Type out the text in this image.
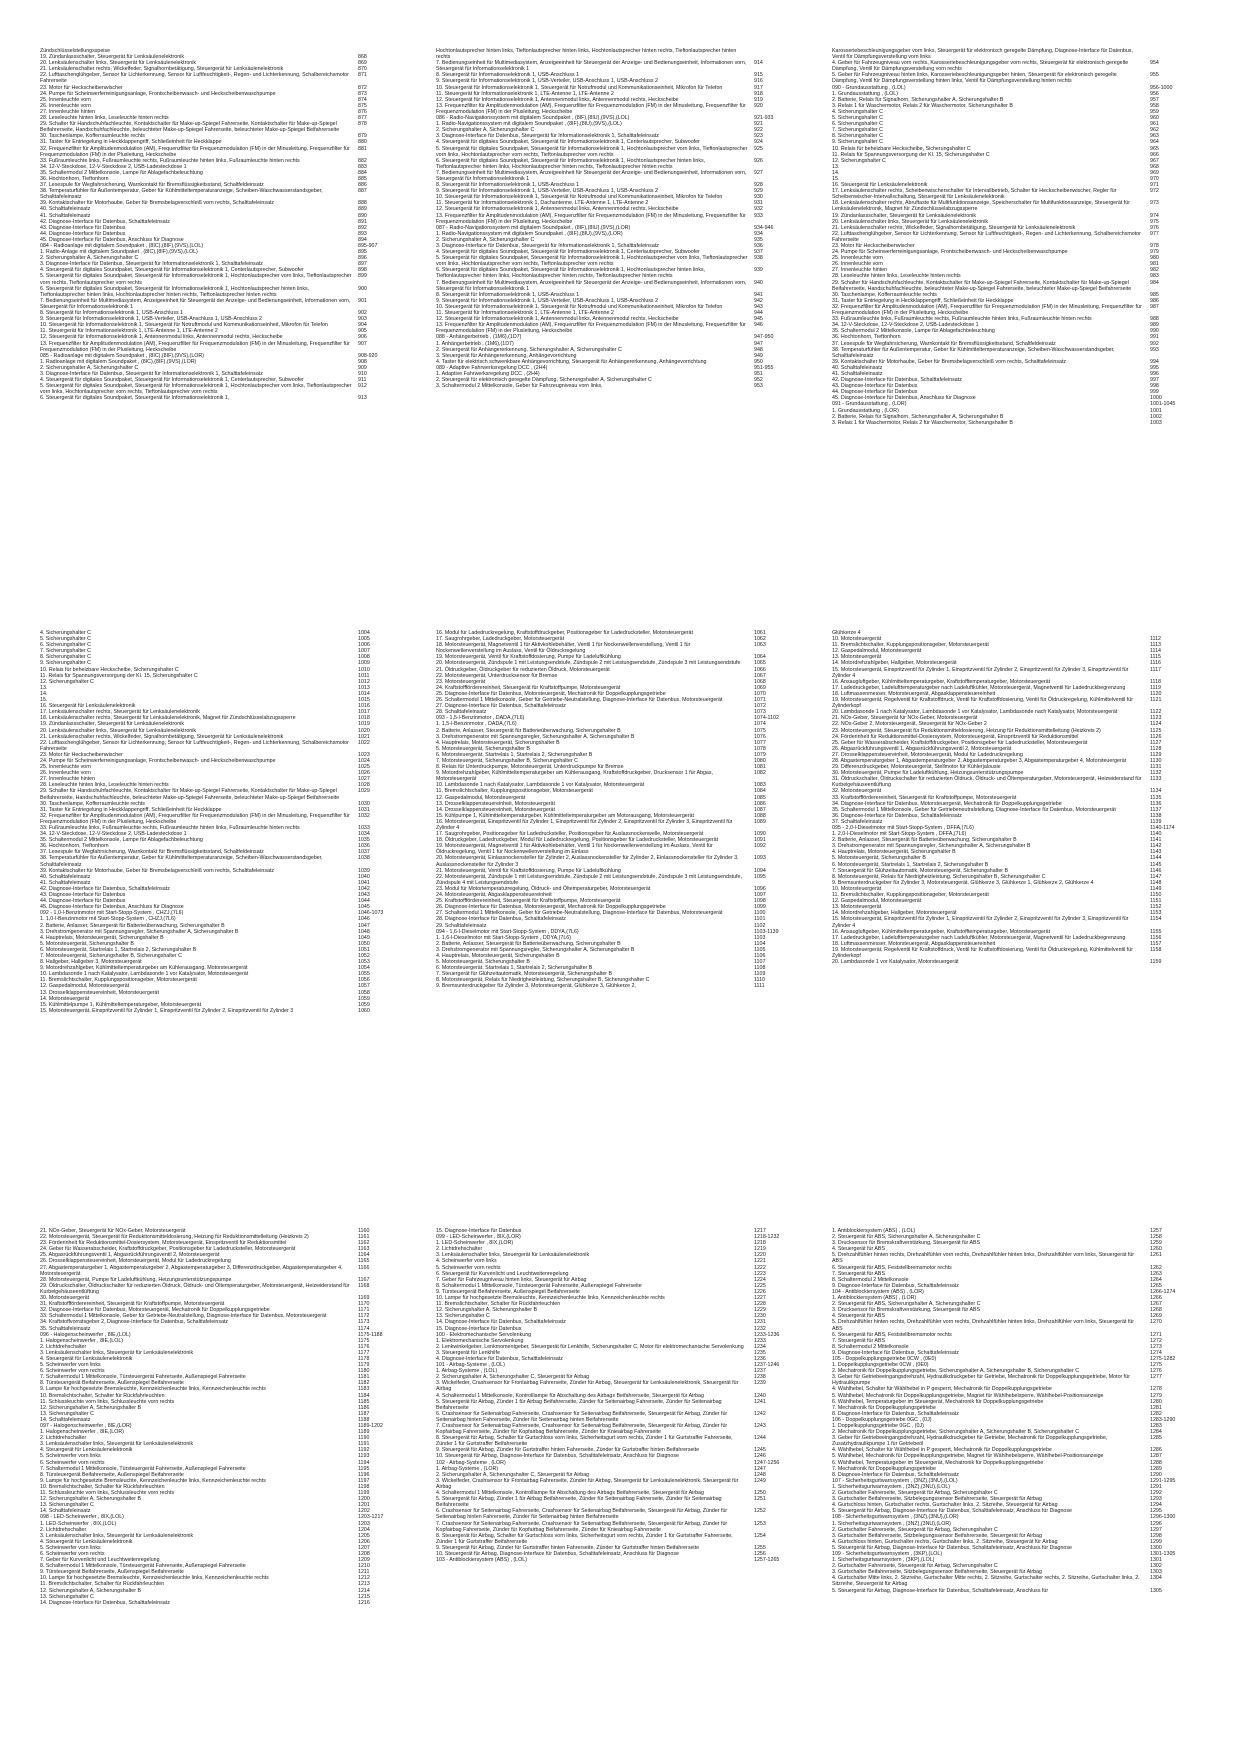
Zündschlüsselstellungsspeise
19. Zündanlassschalter, Steuergerät für Lenksäulenelektronik	868
20. Lenksäulenschalter links, Steuergerät für Lenksäulenelektronik	869
21. Lenksäulenschalter rechts, Wickelfeder, Signalhornbetätigung, Steuergerät für Lenksäulenelektronik	870
22. Lufttaschenglühgeber, Sensor für Lichterkennung, Sensor für Luftfeuchtigkeit-, Regen- und Lichterkennung, Schalbereichsmotor Fahrerseite
871
23. Motor für Heckscheibenwischer	872
24. Pumpe für Scheinwerferreinigungsanlage, Frontscheibenwasch- und Heckscheibenwaschpumpe	873
25. Innenleuchte vorn	874
26. Innenleuchte vorn	875
27. Innenleuchte hinten	876
28. Leseleuchte hinten links, Leseleuchte hinten rechts	877
29. Schalter für Handschuhfachleuchte, Kontaktschalter für Make-up-Spiegel Fahrerseite, Kontaktschalter für Make-up-Spiegel Beifahrerseite, Handschuhfachleuchte, beleuchteter Make-up-Spiegel Fahrerseite, beleuchteter Make-up-Spiegel Beifahrerseite
878
30. Taschenlampe, Kofferraumleuchte rechts	879
31. Taster für Entriegelung in Heckklappengriff, Schließeinheit für Heckklappe	880
32. Frequenzfilter für Amplitudenmodulation (AM), Frequenzfilter für Frequenzmodulation (FM) in der Minusleitung, Frequenzfilter für Frequenzmodulation (FM) in der Plusleitung, Heckscheibe
881
33. Fußraumleuchte links, Fußraumleuchte rechts, Fußraumleuchte hinten links, Fußraumleuchte hinten rechts	882
34. 12-V-Steckdose, 12-V-Steckdose 2, USB-Ladesteckdose 1	883
35. Schaltermodul 2 Mittelkonsole, Lampe für Ablagefachbeleuchtung	884
36. Hochtonhorn, Tieftonhorn	885
37. Lesespule für Wegfahrsicherung, Warnkontakt für Bremsflüssigkeitsstand, Schaltfeldeinsatz	886
38. Temperaturfühler für Außentemperatur, Geber für Kühlmitteltemperaturanzeige, Scheiben-Waschwasserstandsgeber, Schalttafeleinsatz
887
39. Kontaktschalter für Motorhaube, Geber für Bremsbelagverschleiß vorn rechts, Schalttafeleinsatz	888
40. Schalttafeleinsatz	889
41. Schalttafeleinsatz	890
42. Diagnose-Interface für Datenbus, Schalttafeleinsatz	891
43. Diagnose-Interface für Datenbus	892
44. Diagnose-Interface für Datenbus	893
45. Diagnose-Interface für Datenbus, Anschluss für Diagnose	894
084 - Radioanlage mit digitalem Soundpaket , (8IC),(8IF),(9VS),(LOL)	895-907
1. Radio-Anlage mit digitalem Soundpaket , (8IC),(8IF),(9VS),(LOL)	895
2. Sicherungshalter A, Sicherungshalter C	896
3. Diagnose-Interface für Datenbus, Steuergerät für Informationselektronik 1, Schalttafeleinsatz	897
4. Steuergerät für digitales Soundpaket, Steuergerät für Informationselektronik 1, Centerlautsprecher, Subwoofer	898
5. Steuergerät für digitales Soundpaket, Steuergerät für Informationselektronik 1, Hochtonlautsprecher vorn links, Tieftonlautsprecher vorn rechts, Tieftonlautsprecher vorn rechts
899
6. Steuergerät für digitales Soundpaket, Steuergerät für Informationselektronik 1, Hochtonlautsprecher hinten links, Tieftonlautsprecher hinten links, Hochtonlautsprecher hinten rechts, Tieftonlautsprecher hinten rechts
900
7. Bedienungseinheit für Multimediasystem, Anzeigeeinheit für Steuergerät der Anzeige- und Bedienungseinheit, Informationen vorn, Steuergerät für Informationselektronik 1
901
8. Steuergerät für Informationselektronik 1, USB-Anschluss 1	902
9. Steuergerät für Informationselektronik 1, USB-Verteiler, USB-Anschluss 1, USB-Anschluss 2	903
10. Steuergerät für Informationselektronik 1, Steuergerät für Notruftmodul und Kommunikationseinheit, Mikrofon für Telefon	904
11. Steuergerät für Informationselektronik 1, LTE-Antenne 1, LTE-Antenne 2	905
12. Steuergerät für Informationselektronik 1, Antennenmodul links, Antennenmodul rechts, Heckscheibe	906
13. Frequenzfilter für Amplitudenmodulation (AM), Frequenzfilter für Frequenzmodulation (FM) in der Minusleitung, Frequenzfilter für Frequenzmodulation (FM) in der Plusleitung, Heckscheibe
907
085 - Radioanlage mit digitalem Soundpaket , (8IC),(8IF),(9VS),(LOR)	908-920
1. Radioanlage mit digitalem Soundpaket , (8IC),(8IF),(9VS),(LOR)	908
2. Sicherungshalter A, Sicherungshalter C	909
3. Diagnose-Interface für Datenbus, Steuergerät für Informationselektronik 1, Schalttafeleinsatz	910
4. Steuergerät für digitales Soundpaket, Steuergerät für Informationselektronik 1, Centerlautsprecher, Subwoofer	911
5. Steuergerät für digitales Soundpaket, Steuergerät für Informationselektronik 1, Hochtonlautsprecher vorn links, Tieftonlautsprecher vorn links, Hochtonlautsprecher vorn rechts, Tieftonlautsprecher vorn rechts
912
6. Steuergerät für digitales Soundpaket, Steuergerät für Informationselektronik 1,	913
Hochtonlautsprecher hinten links, Tieftonlautsprecher hinten links, Hochtonlautsprecher hinten rechts, Tieftonlautsprecher hinten rechts
7. Bedienungseinheit für Multimediasystem, Anzeigeeinheit für Steuergerät der Anzeige- und Bedienungseinheit, Informationen vorn, Steuergerät für Informationselektronik 1
914
8. Steuergerät für Informationselektronik 1, USB-Anschluss 1	915
9. Steuergerät für Informationselektronik 1, USB-Verteiler, USB-Anschluss 1, USB-Anschluss 2	916
10. Steuergerät für Informationselektronik 1, Steuergerät für Notrufmodul und Kommunikationseinheit, Mikrofon für Telefon	917
11. Steuergerät für Informationselektronik 1, LTE-Antenne 1, LTE-Antenne 2	918
12. Steuergerät für Informationselektronik 1, Antennenmodul links, Antennenmodul rechts, Heckscheibe	919
13. Frequenzfilter für Amplitudenmodulation (AM), Frequenzfilter für Frequenzmodulation (FM) in der Minusleitung, Frequenzfilter für Frequenzmodulation (FM) in der Plusleitung, Heckscheibe
920
086 - Radio-Navigationssystem mit digitalem Soundpaket , (8IF),(8IU),(9VS),(LOL)	921-933
1. Radio-Navigationssystem mit digitalem Soundpaket , (8IF),(8IU),(9VS),(LOL)	921
2. Sicherungshalter A, Sicherungshalter C	922
3. Diagnose-Interface für Datenbus, Steuergerät für Informationselektronik 1, Schalttafeleinsatz	923
4. Steuergerät für digitales Soundpaket, Steuergerät für Informationselektronik 1, Centerlautsprecher, Subwoofer	924
5. Steuergerät für digitales Soundpaket, Steuergerät für Informationselektronik 1, Hochtonlautsprecher vorn links, Tieftonlautsprecher vorn links, Hochtonlautsprecher vorn rechts, Tieftonlautsprecher vorn rechts
925
6. Steuergerät für digitales Soundpaket, Steuergerät für Informationselektronik 1, Hochtonlautsprecher hinten links, Tieftonlautsprecher hinten links, Hochtonlautsprecher hinten rechts, Tieftonlautsprecher hinten rechts
926
7. Bedienungseinheit für Multimediasystem, Anzeigeeinheit für Steuergerät der Anzeige- und Bedienungseinheit, Informationen vorn, Steuergerät für Informationselektronik 1
927
8. Steuergerät für Informationselektronik 1, USB-Anschluss 1	928
9. Steuergerät für Informationselektronik 1, USB-Verteiler, USB-Anschluss 1, USB-Anschluss 2	929
10. Steuergerät für Informationselektronik 1, Steuergerät für Notrufmodul und Kommunikationseinheit, Mikrofon für Telefon	930
11. Steuergerät für Informationselektronik 1, Dachantenne, LTE-Antenne 1, LTE-Antenne 2	931
12. Steuergerät für Informationselektronik 1, Antennenmodul links, Antennenmodul rechts, Heckscheibe	932
13. Frequenzfilter für Amplitudenmodulation (AM), Frequenzfilter für Frequenzmodulation (FM) in der Minusleitung, Frequenzfilter für Frequenzmodulation (FM) in der Plusleitung, Heckscheibe
933
087 - Radio-Navigationssystem mit digitalem Soundpaket , (8IF),(8IU),(9VS),(LOR)	934-946
1. Radio-Navigationssystem mit digitalem Soundpaket , (8IF),(8IU),(9VS),(LOR)	934
2. Sicherungshalter A, Sicherungshalter C	935
3. Diagnose-Interface für Datenbus, Steuergerät für Informationselektronik 1, Schalttafeleinsatz	936
4. Steuergerät für digitales Soundpaket, Steuergerät für Informationselektronik 1, Centerlautsprecher, Subwoofer	937
5. Steuergerät für digitales Soundpaket, Steuergerät für Informationselektronik 1, Hochtonlautsprecher vorn links, Tieftonlautsprecher vorn links, Hochtonlautsprecher vorn rechts, Tieftonlautsprecher vorn rechts
938
6. Steuergerät für digitales Soundpaket, Steuergerät für Informationselektronik 1, Hochtonlautsprecher hinten links, Tieftonlautsprecher hinten links, Hochtonlautsprecher hinten rechts, Tieftonlautsprecher hinten rechts
939
7. Bedienungseinheit für Multimediasystem, Anzeigeeinheit für Steuergerät der Anzeige- und Bedienungseinheit, Informationen vorn, Steuergerät für Informationselektronik 1
940
8. Steuergerät für Informationselektronik 1, USB-Anschluss 1	941
9. Steuergerät für Informationselektronik 1, USB-Verteiler, USB-Anschluss 1, USB-Anschluss 2	942
10. Steuergerät für Informationselektronik 1, Steuergerät für Notrufmodul und Kommunikationseinheit, Mikrofon für Telefon	943
11. Steuergerät für Informationselektronik 1, LTE-Antenne 1, LTE-Antenne 2	944
12. Steuergerät für Informationselektronik 1, Antennenmodul links, Antennenmodul rechts, Heckscheibe	945
13. Frequenzfilter für Amplitudenmodulation (AM), Frequenzfilter für Frequenzmodulation (FM) in der Minusleitung, Frequenzfilter für Frequenzmodulation (FM) in der Plusleitung, Heckscheibe
946
088 - Anhängerbetrieb , (1M6),(1D7)	947-950
1. Anhängerbetrieb , (1M6),(1D7)	947
2. Steuergerät für Anhängererkennung, Sicherungshalter A, Sicherungshalter C	948
3. Steuergerät für Anhängererkennung, Anhängevorrichtung	949
4. Taster für elektrisch schwenkbare Anhängevorrichtung, Steuergerät für Anhängererkennung, Anhängevorrichtung	950
089 - Adaptive Fahrwerksregelung DCC , (2H4)	951-955
1. Adaptive Fahrwerksregelung DCC , (2H4)	951
2. Steuergerät für elektronisch geregelte Dämpfung, Sicherungshalter A, Sicherungshalter C	952
3. Schaltermodul 2 Mittelkonsole, Geber für Fahrzeugniveau vorn links,	953
Karosseriebeschleunigungsgeber vorn links, Steuergerät für elektronisch geregelte Dämpfung, Diagnose-Interface für Datenbus, Ventil für Dämpfungsverstellung vorn links
4. Geber für Fahrzeugniveau vorn rechts, Karosseriebeschleunigungsgeber vorn rechts, Steuergerät für elektronisch geregelte Dämpfung, Ventil für Dämpfungsverstellung vorn rechts
954
5. Geber für Fahrzeugniveau hinten links, Karosseriebeschleunigungsgeber hinten, Steuergerät für elektronisch geregelte Dämpfung, Ventil für Dämpfungsverstellung hinten links, Ventil für Dämpfungsverstellung hinten rechts
955
090 - Grundausstattung , (LOL)	956-1000
1. Grundausstattung , (LOL)	956
2. Batterie, Relais für Signalhorn, Sicherungshalter A, Sicherungshalter B	957
3. Relais 1 für Waschermotor, Relais 2 für Waschermotor, Sicherungshalter B	958
4. Sicherungshalter C	959
5. Sicherungshalter C	960
6. Sicherungshalter C	961
7. Sicherungshalter C	962
8. Sicherungshalter C	963
9. Sicherungshalter C	964
10. Relais für beheizbare Heckscheibe, Sicherungshalter C	965
11. Relais für Spannungsversorgung der Kl. 15, Sicherungshalter C	966
12. Sicherungshalter C	967
13.	968
14.	969
15.	970
16. Steuergerät für Lenksäulenelektronik	971
17. Lenksäulenschalter rechts, Scheibenwischerschalter für Intervallbetrieb, Schalter für Heckscheibenwischer, Regler für Scheibenwischer-Intervallschaltung, Steuergerät für Lenksäulenelektronik
972
18. Lenksäulenschalter rechts, Abruftaste für Multifunktionsanzeige, Speicherschalter für Multifunktionsanzeige, Steuergerät für Lenksäulenelektronik, Magnet für Zündschlüsselabzugssperre
973
19. Zündanlassschalter, Steuergerät für Lenksäulenelektronik	974
20. Lenksäulenschalter links, Steuergerät für Lenksäulenelektronik	975
21. Lenksäulenschalter rechts, Wickelfeder, Signalhornbetätigung, Steuergerät für Lenksäulenelektronik	976
22. Lufttaschenglühgeber, Sensor für Lichterkennung, Sensor für Luftfeuchtigkeit-, Regen- und Lichterkennung, Schalbereichsmotor Fahrerseite
977
23. Motor für Heckscheibenwischer	978
24. Pumpe für Scheinwerferreinigungsanlage, Frontscheibenwasch- und Heckscheibenwaschpumpe	979
25. Innenleuchte vorn	980
26. Innenleuchte vorn	981
27. Innenleuchte hinten	982
28. Leseleuchte hinten links, Leseleuchte hinten rechts	983
29. Schalter für Handschuhfachleuchte, Kontaktschalter für Make-up-Spiegel Fahrerseite, Kontaktschalter für Make-up-Spiegel Beifahrerseite, Handschuhfachleuchte, beleuchteter Make-up-Spiegel Fahrerseite, beleuchteter Make-up-Spiegel Beifahrerseite
984
30. Taschenlampe, Kofferraumleuchte rechts	985
31. Taster für Entriegelung in Heckklappengriff, Schließeinheit für Heckklappe	986
32. Frequenzfilter für Amplitudenmodulation (AM), Frequenzfilter für Frequenzmodulation (FM) in der Minusleitung, Frequenzfilter für Frequenzmodulation (FM) in der Plusleitung, Heckscheibe
987
33. Fußraumleuchte links, Fußraumleuchte rechts, Fußraumleuchte hinten links, Fußraumleuchte hinten rechts	988
34. 12-V-Steckdose, 12-V-Steckdose 2, USB-Ladesteckdose 1	989
35. Schaltermodul 2 Mittelkonsole, Lampe für Ablagefachbeleuchtung	990
36. Hochtonhorn, Tieftonhorn	991
37. Lesespule für Wegfahrsicherung, Warnkontakt für Bremsflüssigkeitsstand, Schaltfeldeinsatz	992
38. Temperaturfühler für Außentemperatur, Geber für Kühlmitteltemperaturanzeige, Scheiben-Waschwasserstandsgeber, Schalttafeleinsatz
993
39. Kontaktschalter für Motorhaube, Geber für Bremsbelagverschleiß vorn rechts, Schalttafeleinsatz	994
40. Schalttafeleinsatz	995
41. Schalttafeleinsatz	996
42. Diagnose-Interface für Datenbus, Schalttafeleinsatz	997
43. Diagnose-Interface für Datenbus	998
44. Diagnose-Interface für Datenbus	999
45. Diagnose-Interface für Datenbus, Anschluss für Diagnose	1000
091 - Grundausstattung , (LOR)	1001-1045
1. Grundausstattung , (LOR)	1001
2. Batterie, Relais für Signalhorn, Sicherungshalter A, Sicherungshalter B	1002
3. Relais 1 für Waschermotor, Relais 2 für Waschermotor, Sicherungshalter B	1003
4. Sicherungshalter C	1004
5. Sicherungshalter C	1005
6. Sicherungshalter C	1006
7. Sicherungshalter C	1007
8. Sicherungshalter C	1008
9. Sicherungshalter C	1009
10. Relais für beheizbare Heckscheibe, Sicherungshalter C	1010
11. Relais für Spannungsversorgung der Kl. 15, Sicherungshalter C	1011
12. Sicherungshalter C	1012
13.	1013
14.	1014
15.	1015
16. Steuergerät für Lenksäulenelektronik	1016
17. Lenksäulenschalter rechts, Steuergerät für Lenksäulenelektronik	1017
18. Lenksäulenschalter rechts, Steuergerät für Lenksäulenelektronik, Magnet für Zündschlüsselabzugssperre	1018
19. Zündanlassschalter, Steuergerät für Lenksäulenelektronik	1019
20. Lenksäulenschalter links, Steuergerät für Lenksäulenelektronik	1020
21. Lenksäulenschalter rechts, Wickelfeder, Signalhornbetätigung, Steuergerät für Lenksäulenelektronik	1021
22. Lufttaschenglühgeber, Sensor für Lichterkennung, Sensor für Luftfeuchtigkeit-, Regen- und Lichterkennung, Schalbereichsmotor Fahrerseite
1022
23. Motor für Heckscheibenwischer	1023
24. Pumpe für Scheinwerferreinigungsanlage, Frontscheibenwasch- und Heckscheibenwaschpumpe	1024
25. Innenleuchte vorn	1025
26. Innenleuchte vorn	1026
27. Innenleuchte hinten	1027
28. Leseleuchte hinten links, Leseleuchte hinten rechts	1028
29. Schalter für Handschuhfachleuchte, Kontaktschalter für Make-up-Spiegel Fahrerseite, Kontaktschalter für Make-up-Spiegel Beifahrerseite, Handschuhfachleuchte, beleuchteter Make-up-Spiegel Fahrerseite, beleuchteter Make-up-Spiegel Beifahrerseite
1029
30. Taschenlampe, Kofferraumleuchte rechts	1030
31. Taster für Entriegelung in Heckklappengriff, Schließeinheit für Heckklappe	1031
32. Frequenzfilter für Amplitudenmodulation (AM), Frequenzfilter für Frequenzmodulation (FM) in der Minusleitung, Frequenzfilter für Frequenzmodulation (FM) in der Plusleitung, Heckscheibe
1032
33. Fußraumleuchte links, Fußraumleuchte rechts, Fußraumleuchte hinten links, Fußraumleuchte hinten rechts	1033
34. 12-V-Steckdose, 12-V-Steckdose 2, USB-Ladesteckdose 1	1034
35. Schaltermodul 2 Mittelkonsole, Lampe für Ablagefachbeleuchtung	1035
36. Hochtonhorn, Tieftonhorn	1036
37. Lesespule für Wegfahrsicherung, Warnkontakt für Bremsflüssigkeitsstand, Schaltfeldeinsatz	1037
38. Temperaturfühler für Außentemperatur, Geber für Kühlmitteltemperaturanzeige, Scheiben-Waschwasserstandsgeber, Schalttafeleinsatz
1038
39. Kontaktschalter für Motorhaube, Geber für Bremsbelagverschleiß vorn rechts, Schalttafeleinsatz	1039
40. Schalttafeleinsatz	1040
41. Schalttafeleinsatz	1041
42. Diagnose-Interface für Datenbus, Schalttafeleinsatz	1042
43. Diagnose-Interface für Datenbus	1043
44. Diagnose-Interface für Datenbus	1044
45. Diagnose-Interface für Datenbus, Anschluss für Diagnose	1045
092 - 1,0-l-Benzinmotor mit Start-Stopp-System , CHZJ,(7L6)	1046-1073
1. 1,0-l-Benzinmotor mit Start-Stopp-System , CHZJ,(7L6)	1046
2. Batterie, Anlasser, Steuergerät für Batterieüberwachung, Sicherungshalter B	1047
3. Drehstromgenerator mit Spannungsregler, Sicherungshalter A, Sicherungshalter B	1048
4. Hauptrelais, Motorsteuergerät, Sicherungshalter B	1049
5. Motorsteuergerät, Sicherungshalter B	1050
6. Motorsteuergerät, Startrelais 1, Startrelais 2, Sicherungshalter B	1051
7. Motorsteuergerät, Sicherungshalter B, Sicherungshalter C	1052
8. Hallgeber, Hallgeber 3, Motorsteuergerät	1053
9. Motordrehzahlgeber, Kühlmitteltemperaturgeber am Kühlerausgang, Motorsteuergerät	1054
10. Lambdasonde 1 nach Katalysator, Lambdasonde 1 vor Katalysator, Motorsteuergerät	1055
11. Bremslichtschalter, Kupplungspositionsgeber, Motorsteuergerät	1056
12. Gaspedalmodul, Motorsteuergerät	1057
13. Drosselklappensteuereinheit, Motorsteuergerät	1058
14. Motorsteuergerät	1059
15. Kühlmittelpumpe 1, Kühlmitteltemperaturgeber, Motorsteuergerät	1059
15. Motorsteuergerät, Einspritzventil für Zylinder 1, Einspritzventil für Zylinder 2, Einspritzventil für Zylinder 3	1060
16. Modul für Ladedruckregelung, Kraftstoffdruckgeber, Positionsgeber für Ladedrucksteller, Motorsteuergerät	1061
17. Saugrohrgeber, Ladedruckgeber, Motorsteuergerät	1062
18. Motorsteuergerät, Magnetventil 1 für Aktivkohlebehälter, Ventil 1 für Nockenwellenverstellung, Ventil 1 für Nockenwellenverstellung im Auslass, Ventil für Öldruckregelung
1063
19. Motorsteuergerät, Ventil für Kraftstoffdosierung, Pumpe für Ladeluftkühlung	1064
20. Motorsteuergerät, Zündspule 1 mit Leistungsendstufe, Zündspule 2 mit Leistungsendstufe, Zündspule 3 mit Leistungsendstufe	1065
21. Öldruckgeber, Öldruckgeber für reduzierten Öldruck, Motorsteuergerät	1066
22. Motorsteuergerät, Unterdrucksensor für Bremse	1067
23. Motorsteuergerät	1068
24. Kraftstoffförderereinheit, Steuergerät für Kraftstoffpumpe, Motorsteuergerät	1069
25. Diagnose-Interface für Datenbus, Motorsteuergerät, Mechatronik für Doppelkupplungsgetriebe	1070
26. Schaltermodul 1 Mittelkonsole, Geber für Getriebe-Neutralstellung, Diagnose-Interface für Datenbus, Motorsteuergerät	1071
27. Diagnose-Interface für Datenbus, Schalttafeleinsatz	1072
28. Schalttafeleinsatz	1073
093 - 1,5-l-Benzinmotor , DADA,(7L6)	1074-1102
1. 1,5-l-Benzinmotor , DADA,(7L6)	1074
2. Batterie, Anlasser, Steuergerät für Batterieüberwachung, Sicherungshalter B	1075
3. Drehstromgenerator mit Spannungsregler, Sicherungshalter A, Sicherungshalter B	1076
4. Hauptrelais, Motorsteuergerät, Sicherungshalter B	1077
5. Motorsteuergerät, Sicherungshalter B	1078
6. Motorsteuergerät, Startrelais 1, Startrelais 2, Sicherungshalter B	1079
7. Motorsteuergerät, Sicherungshalter B, Sicherungshalter C	1080
8. Relais für Unterdruckpumpe, Motorsteuergerät, Unterdruckpumpe für Bremse	1081
9. Motordrehzahlgeber, Kühlmitteltemperaturgeber am Kühlerausgang, Kraftstoffdruckgeber, Drucksensor 1 für Abgas, Motorsteuergerät
1082
10. Lambdasonde 1 nach Katalysator, Lambdasonde 1 vor Katalysator, Motorsteuergerät	1083
11. Bremslichtschalter, Kupplungspositionsgeber, Motorsteuergerät	1084
12. Gaspedalmodul, Motorsteuergerät	1085
13. Drosselklappensteuereinheit, Motorsteuergerät	1086
14. Drosselklappensteuereinheit, Motorsteuergerät	1087
15. Kühlpumpe 1, Kühlmitteltemperaturgeber, Kühlmitteltemperaturgeber am Motorausgang, Motorsteuergerät	1088
16. Motorsteuergerät, Einspritzventil für Zylinder 1, Einspritzventil für Zylinder 2, Einspritzventil für Zylinder 3, Einspritzventil für Zylinder 4
1089
17. Saugrohrgeber, Positionsgeber für Ladedrucksteller, Positionsgeber für Auslassnockenwelle, Motorsteuergerät	1090
18. Öldruckgeber, Ladedruckgeber, Modul für Ladedruckregelung, Positionsgeber für Ladedrucksteller, Motorsteuergerät	1091
19. Motorsteuergerät, Magnetventil 1 für Aktivkohlebehälter, Ventil 1 für Nockenwellenverstellung im Auslass, Ventil für Öldruckregelung, Ventil 1 für Nockenwellenverstellung im Einlass
1092
20. Motorsteuergerät, Einlassnockensteller für Zylinder 2, Auslassnockensteller für Zylinder 2, Einlassnockensteller für Zylinder 3, Auslassnockensteller für Zylinder 3
1093
21. Motorsteuergerät, Ventil für Kraftstoffdosierung, Pumpe für Ladeluftkühlung	1094
22. Motorsteuergerät, Zündspule 1 mit Leistungsendstufe, Zündspule 2 mit Leistungsendstufe, Zündspule 3 mit Leistungsendstufe, Zündspule 4 mit Leistungsendstufe
1095
23. Modul für Motortemperaturregelung, Öldruck- und Öltemperaturgeber, Motorsteuergerät	1096
24. Motorsteuergerät, Abgasklappensteuereinheit	1097
25. Kraftstoffförderereinheit, Steuergerät für Kraftstoffpumpe, Motorsteuergerät	1098
26. Diagnose-Interface für Datenbus, Motorsteuergerät, Mechatronik für Doppelkupplungsgetriebe	1099
27. Schaltermodul 1 Mittelkonsole, Geber für Getriebe-Neutralstellung, Diagnose-Interface für Datenbus, Motorsteuergerät	1100
28. Diagnose-Interface für Datenbus, Schalttafeleinsatz	1101
29. Schalttafeleinsatz	1102
094 - 1,6-l-Dieselmotor mit Start-Stopp-System , DDYA,(7L6)	1103-1139
1. 1,6-l-Dieselmotor mit Start-Stopp-System , DDYA,(7L6)	1103
2. Batterie, Anlasser, Steuergerät für Batterieüberwachung, Sicherungshalter B	1104
3. Drehstromgenerator mit Spannungsregler, Sicherungshalter A, Sicherungshalter B	1105
4. Hauptrelais, Motorsteuergerät, Sicherungshalter B	1106
5. Motorsteuergerät, Sicherungshalter B	1107
6. Motorsteuergerät, Startrelais 1, Startrelais 2, Sicherungshalter B	1108
7. Steuergerät für Glühzeitautomatik, Motorsteuergerät, Sicherungshalter B	1109
8. Motorsteuergerät, Relais für Niedrigheizleistung, Sicherungshalter B, Sicherungshalter C	1110
9. Bremsunterdruckgeber für Zylinder 3, Motorsteuergerät, Glühkerze 3, Glühkerze 2,	1111
Glühkerze 4
10. Motorsteuergerät	1112
11. Bremslichtschalter, Kupplungspositionsgeber, Motorsteuergerät	1113
12. Gaspedalmodul, Motorsteuergerät	1114
13. Motorsteuergerät	1115
14. Motordrehzahlgeber, Hallgeber, Motorsteuergerät	1116
15. Motorsteuergerät, Einspritzventil für Zylinder 1, Einspritzventil für Zylinder 2, Einspritzventil für Zylinder 3, Einspritzventil für Zylinder 4
1117
16. Ansaugluftgeber, Kühlmitteltemperaturgeber, Kraftstofftemperaturgeber, Motorsteuergerät	1118
17. Ladedruckgeber, Ladelufttemperaturgeber nach Ladeluftkühler, Motorsteuergerät, Magnetventil für Ladedruckbegrenzung	1119
18. Luftmassenmesser, Motorsteuergerät, Abgasklappensteuereinheit	1120
19. Motorsteuergerät, Regelventil für Kraftstoffdruck, Ventil für Kraftstoffdosierung, Ventil für Öldruckregelung, Kühlmittelventil für Zylinderkopf
1121
20. Lambdasonde 1 nach Katalysator, Lambdasonde 1 vor Katalysator, Lambdasonde nach Katalysator, Motorsteuergerät	1122
21. NOx-Geber, Steuergerät für NOx-Geber, Motorsteuergerät	1123
22. NOx-Geber 2, Motorsteuergerät, Steuergerät für NOx-Geber 2	1124
23. Motorsteuergerät, Steuergerät für Reduktionsmitteldosierung, Heizung für Reduktionsmittelleitung (Heizkreis 2)	1125
24. Förderinheit für Reduktionsmittel-Dosiersystem, Motorsteuergerät, Einspritzventil für Reduktionsmittel	1126
25. Geber für Wasserabscheider, Kraftstoffdruckgeber, Positionsgeber für Ladedrucksteller, Motorsteuergerät	1127
26. Abgasrückführungsventil 1, Abgasrückführungsventil 2, Motorsteuergerät	1128
27. Drosselklappensteuereinheit, Motorsteuergerät, Modul für Ladedruckregelung	1129
28. Abgastemperaturgeber 1, Abgastemperaturgeber 2, Abgastemperaturgeber 3, Abgastemperaturgeber 4, Motorsteuergerät	1130
29. Differenzdruckgeber, Motorsteuergerät, Stellmotor für Kühlerjalousie	1131
30. Motorsteuergerät, Pumpe für Ladeluftkühlung, Heizungsunterstützungspumpe	1132
31. Öldruckschalter, Öldruckschalter für reduzierten Öldruck, Öldruck- und Öltemperaturgeber, Motorsteuergerät, Heizwiderstand für Kurbelgehäuseentlüftung
1133
32. Motorsteuergerät	1134
33. Kraftstoffförderereinheit, Steuergerät für Kraftstoffpumpe, Motorsteuergerät	1135
34. Diagnose-Interface für Datenbus, Motorsteuergerät, Mechatronik für Doppelkupplungsgetriebe	1136
35. Schaltermodul 1 Mittelkonsole, Geber für Getriebeneutralstellung, Diagnose-Interface für Datenbus, Motorsteuergerät	1137
36. Diagnose-Interface für Datenbus, Schalttafeleinsatz	1138
37. Schalttafeleinsatz	1139
095 - 2,0-l-Dieselmotor mit Start-Stopp-System , DFFA,(7L6)	1140-1174
1. 2,0-l-Dieselmotor mit Start-Stopp-System , DFFA,(7L6)	1140
2. Batterie, Anlasser, Steuergerät für Batterieüberwachung, Sicherungshalter B	1141
3. Drehstromgenerator mit Spannungsregler, Sicherungshalter A, Sicherungshalter B	1142
4. Hauptrelais, Motorsteuergerät, Sicherungshalter B	1143
5. Motorsteuergerät, Sicherungshalter B	1144
6. Motorsteuergerät, Startrelais 1, Startrelais 2, Sicherungshalter B	1145
7. Steuergerät für Glühzeitautomatik, Motorsteuergerät, Sicherungshalter B	1146
8. Motorsteuergerät, Relais für Niedrigheizleistung, Sicherungshalter B, Sicherungshalter C	1147
9. Bremsunterdruckgeber für Zylinder 3, Motorsteuergerät, Glühkerze 3, Glühkerze 1, Glühkerze 2, Glühkerze 4	1148
10. Motorsteuergerät	1149
11. Bremslichtschalter, Kupplungspositionsgeber, Motorsteuergerät	1150
12. Gaspedalmodul, Motorsteuergerät	1151
13. Motorsteuergerät	1152
14. Motordrehzahlgeber, Hallgeber, Motorsteuergerät	1153
15. Motorsteuergerät, Einspritzventil für Zylinder 1, Einspritzventil für Zylinder 2, Einspritzventil für Zylinder 3, Einspritzventil für Zylinder 4
1154
16. Ansaugluftgeber, Kühlmitteltemperaturgeber, Kraftstofftemperaturgeber, Motorsteuergerät	1155
17. Ladedruckgeber, Ladelufttemperaturgeber nach Ladeluftkühler, Motorsteuergerät, Magnetventil für Ladedruckbegrenzung	1156
18. Luftmassenmesser, Motorsteuergerät, Abgasklappensteuereinheit	1157
19. Motorsteuergerät, Regelventil für Kraftstoffdruck, Ventil für Kraftstoffdosierung, Ventil für Öldruckregelung, Kühlmittelventil für Zylinderkopf
1158
20. Lambdasonde 1 vor Katalysator, Motorsteuergerät	1159
21. NOx-Geber, Steuergerät für NOx-Geber, Motorsteuergerät	1160
22. Motorsteuergerät, Steuergerät für Reduktionsmitteldosierung, Heizung für Reduktionsmittelleitung (Heizkreis 2)	1161
23. Förderinheit für Reduktionsmittel-Dosiersystem, Motorsteuergerät, Einspritzventil für Reduktionsmittel	1162
24. Geber für Wasserabscheider, Kraftstoffdruckgeber, Positionsgeber für Ladedrucksteller, Motorsteuergerät	1163
25. Abgasrückführungsventil 1, Abgasrückführungsventil 2, Motorsteuergerät	1164
26. Drosselklappensteuereinheit, Motorsteuergerät, Modul für Ladedruckregelung	1165
27. Abgastemperaturgeber 1, Abgastemperaturgeber 2, Abgastemperaturgeber 3, Differenzdruckgeber, Abgastemperaturgeber 4, Motorsteuergerät
1166
28. Motorsteuergerät, Pumpe für Ladeluftkühlung, Heizungsunterstützungspumpe	1167
29. Öldruckschalter, Öldruckschalter für reduzierten Öldruck, Öldruck- und Öltemperaturgeber, Motorsteuergerät, Heizwiderstand für Kurbelgehäuseentlüftung
1168
30. Motorsteuergerät	1169
31. Kraftstoffförderereinheit, Steuergerät für Kraftstoffpumpe, Motorsteuergerät	1170
32. Diagnose-Interface für Datenbus, Motorsteuergerät, Mechatronik für Doppelkupplungsgetriebe	1171
33. Schaltermodul 1 Mittelkonsole, Geber für Getriebe-Neutralstellung, Diagnose-Interface für Datenbus, Motorsteuergerät	1172
34. Kraftstoffvorratsgeber 2, Diagnose-Interface für Datenbus, Schalttafeleinsatz	1173
35. Schalttafeleinsatz	1174
096 - Halogenscheinwerfer , 8IE,(LOL)	1175-1188
1. Halogenscheinwerfer , 8IE,(LOL)	1175
2. Lichtdrehschalter	1176
3. Lenksäulenschalter links, Steuergerät für Lenksäulenelektronik	1177
4. Steuergerät für Lenksäulenelektronik	1178
5. Scheinwerfer vorn links	1179
6. Scheinwerfer vorn rechts	1180
7. Schaltermodul 1 Mittelkonsole, Türsteuergerät Fahrerseite, Außenspiegel Fahrerseite	1181
8. Türsteuergerät Beifahrerseite, Außenspiegel Beifahrerseite	1182
9. Lampe für hochgesetzte Bremsleuchte, Kennzeichenleuchte links, Kennzeichenleuchte rechts	1183
10. Bremslichtschalter, Schalter für Rückfahrleuchten	1184
11. Schlussleuchte vorn links, Schlussleuchte vorn rechts	1185
12. Sicherungshalter A, Sicherungshalter B	1186
13. Sicherungshalter C	1187
14. Schalttafeleinsatz	1188
097 - Halogenscheinwerfer , 8IE,(LOR)	1189-1202
1. Halogenscheinwerfer , 8IE,(LOR)	1189
2. Lichtdrehschalter	1190
3. Lenksäulenschalter links, Steuergerät für Lenksäulenelektronik	1191
4. Steuergerät für Lenksäulenelektronik	1192
5. Scheinwerfer vorn links	1193
6. Scheinwerfer vorn rechts	1194
7. Schaltermodul 1 Mittelkonsole, Türsteuergerät Fahrerseite, Außenspiegel Fahrerseite	1195
8. Türsteuergerät Beifahrerseite, Außenspiegel Beifahrerseite	1196
9. Lampe für hochgesetzte Bremsleuchte, Kennzeichenleuchte links, Kennzeichenleuchte rechts	1197
10. Bremslichtschalter, Schalter für Rückfahrleuchten	1198
11. Schlussleuchte vorn links, Schlussleuchte vorn rechts	1199
12. Sicherungshalter A, Sicherungshalter B	1200
13. Sicherungshalter C	1201
14. Schalttafeleinsatz	1202
098 - LED-Scheinwerfer , 8IX,(LOL)	1203-1217
1. LED-Scheinwerfer , 8IX,(LOL)	1203
2. Lichtdrehschalter	1204
3. Lenksäulenschalter links, Steuergerät für Lenksäulenelektronik	1205
4. Steuergerät für Lenksäulenelektronik	1206
5. Scheinwerfer vorn links	1207
6. Scheinwerfer vorn rechts	1208
7. Geber für Kurvenlicht und Leuchtweitenregelung	1209
8. Schaltermodul 1 Mittelkonsole, Türsteuergerät Fahrerseite, Außenspiegel Fahrerseite	1210
9. Türsteuergerät Beifahrerseite, Außenspiegel Beifahrerseite	1211
10. Lampe für hochgesetzte Bremsleuchte, Kennzeichenleuchte links, Kennzeichenleuchte rechts	1212
11. Bremslichtschalter, Schalter für Rückfahrleuchten	1213
12. Sicherungshalter A, Sicherungshalter B	1214
13. Sicherungshalter C	1215
14. Diagnose-Interface für Datenbus, Schalttafeleinsatz	1216
15. Diagnose-Interface für Datenbus	1217
099 - LED-Scheinwerfer , 8IX,(LOR)	1218-1232
1. LED-Scheinwerfer , 8IX,(LOR)	1218
2. Lichtdrehschalter	1219
3. Lenksäulenschalter links, Steuergerät für Lenksäulenelektronik	1220
4. Scheinwerfer vorn links	1221
5. Scheinwerfer vorn rechts	1222
6. Steuergerät für Kurvenlicht und Leuchtweitenregelung	1223
7. Geber für Fahrzeugniveau hinten links, Steuergerät für Airbag	1224
8. Schaltermodul 1 Mittelkonsole, Türsteuergerät Fahrerseite, Außenspiegel Fahrerseite	1225
9. Türsteuergerät Beifahrerseite, Außenspiegel Beifahrerseite	1226
10. Lampe für hochgesetzte Bremsleuchte, Kennzeichenleuchte links, Kennzeichenleuchte rechts	1227
11. Bremslichtschalter, Schalter für Rückfahrleuchten	1228
12. Sicherungshalter A, Sicherungshalter B	1229
13. Sicherungshalter C	1230
14. Diagnose-Interface für Datenbus, Schalttafeleinsatz	1231
15. Diagnose-Interface für Datenbus	1232
100 - Elektromechanische Servolenkung	1233-1236
1. Elektromechanische Servolenkung	1233
2. Lenkwinkelgeber, Lenkmomentgeber, Steuergerät für Lenkhilfe, Sicherungshalter C, Motor für elektromechanische Servolenkung	1234
3. Steuergerät für Lenkhilfe	1235
4. Diagnose-Interface für Datenbus, Schalttafeleinsatz	1236
101 - Airbag-Systeme , (LOL)	1237-1246
1. Airbag-Systeme , (LOL)	1237
2. Sicherungshalter A, Sicherungshalter C, Steuergerät für Airbag	1238
3. Wickelfeder, Crashsensor für Frontairbag Fahrerseite, Zünder für Airbag, Steuergerät für Lenksäulenelektronik, Steuergerät für Airbag
1239
4. Schaltermodul 1 Mittelkonsole, Kontrolllampe für Abschaltung des Airbags Beifahrerseite, Steuergerät für Airbag	1240
5. Steuergerät für Airbag, Zünder 1 für Airbag Beifahrerseite, Zünder für Seitenairbag Fahrerseite, Zünder für Seitenairbag Beifahrerseite
1241
6. Crashsensor für Seitenairbag Fahrerseite, Crashsensor für Seitenairbag Beifahrerseite, Steuergerät für Airbag, Zünder für Seitenairbag hinten Fahrerseite, Zünder für Seitenairbag hinten Beifahrerseite
1242
7. Crashsensor für Seitenairbag Fahrerseite, Crashsensor für Seitenairbag Beifahrerseite, Steuergerät für Airbag, Zünder für Kopfairbag Fahrerseite, Zünder für Kopfairbag Beifahrerseite, Zünder für Knieairbag Fahrerseite
1243
8. Steuergerät für Airbag, Schalter für Gurtschloss vorn links, Sicherheitsgurt vorn rechts, Zünder 1 für Gurtstraffer Fahrerseite, Zünder 1 für Gurtstraffer Beifahrerseite
1244
9. Steuergerät für Airbag, Zünder für Gurtstraffer hinten Fahrerseite, Zünder für Gurtstraffer hinten Beifahrerseite	1245
10. Steuergerät für Airbag, Diagnose-Interface für Datenbus, Schalttafeleinsatz, Anschluss für Diagnose	1246
102 - Airbag-Systeme , (LOR)	1247-1256
1. Airbag-Systeme , (LOR)	1247
2. Sicherungshalter A, Sicherungshalter C, Steuergerät für Airbag	1248
3. Wickelfeder, Crashsensor für Frontairbag Fahrerseite, Zünder für Airbag, Steuergerät für Lenksäulenelektronik, Steuergerät für Airbag
1249
4. Schaltermodul 1 Mittelkonsole, Kontrolllampe für Abschaltung des Airbags Beifahrerseite, Steuergerät für Airbag	1250
5. Steuergerät für Airbag, Zünder 1 für Airbag Beifahrerseite, Zünder für Seitenairbag Fahrerseite, Zünder für Seitenairbag Beifahrerseite
1251
6. Crashsensor für Seitenairbag Fahrerseite, Crashsensor für Seitenairbag Beifahrerseite, Steuergerät für Airbag, Zünder für Seitenairbag hinten Fahrerseite, Zünder für Seitenairbag hinten Beifahrerseite
1252
7. Crashsensor für Seitenairbag Fahrerseite, Crashsensor für Seitenairbag Beifahrerseite, Steuergerät für Airbag, Zünder für Kopfairbag Fahrerseite, Zünder für Kopfairbag Beifahrerseite, Zünder für Knieairbag Fahrerseite
1253
8. Steuergerät für Airbag, Schalter für Gurtschloss vorn links, Sicherheitsgurt vorn rechts, Zünder 1 für Gurtstraffer Fahrerseite, Zünder 1 für Gurtstraffer Beifahrerseite
1254
9. Steuergerät für Airbag, Zünder für Gurtstraffer hinten Fahrerseite, Zünder für Gurtstraffer hinten Beifahrerseite	1255
10. Steuergerät für Airbag, Diagnose-Interface für Datenbus, Schalttafeleinsatz, Anschluss für Diagnose	1256
103 - Antiblockiersystem (ABS) , (LOL)	1257-1265
1. Antiblockiersystem (ABS) , (LOL)	1257
2. Steuergerät für ABS, Sicherungshalter A, Sicherungshalter C	1258
3. Drucksensor für Bremskraftverstärkung, Steuergerät für ABS	1259
4. Steuergerät für ABS	1260
5. Drehzahlfühler hinten rechts, Drehzahlfühler vorn rechts, Drehzahlfühler hinten links, Drehzahlfühler vorn links, Steuergerät für ABS
1261
6. Steuergerät für ABS, Feststellbremsmotor rechts	1262
7. Steuergerät für ABS	1263
8. Schaltermodul 2 Mittelkonsole	1264
9. Diagnose-Interface für Datenbus, Schalttafeleinsatz	1265
104 - Antiblockiersystem (ABS) , (LOR)	1266-1274
1. Antiblockiersystem (ABS) , (LOR)	1266
2. Steuergerät für ABS, Sicherungshalter A, Sicherungshalter C	1267
3. Drucksensor für Bremskraftverstärkung, Steuergerät für ABS	1268
4. Steuergerät für ABS	1269
5. Drehzahlfühler hinten rechts, Drehzahlfühler vorn rechts, Drehzahlfühler hinten links, Drehzahlfühler vorn links, Steuergerät für ABS
1270
6. Steuergerät für ABS, Feststellbremsmotor rechts	1271
7. Steuergerät für ABS	1272
8. Schaltermodul 2 Mittelkonsole	1273
9. Diagnose-Interface für Datenbus, Schalttafeleinsatz	1274
105 - Doppelkupplungsgetriebe 0CW , (0E0)	1275-1282
1. Doppelkupplungsgetriebe 0CW , (0E0)	1275
2. Mechatronik für Doppelkupplungsgetriebe, Sicherungshalter A, Sicherungshalter B, Sicherungshalter C	1276
3. Geber für Getriebeeingangsdrehzahl, Hydraulikdruckgeber für Getriebe, Mechatronik für Doppelkupplungsgetriebe, Motor für Hydraulikpumpe
1277
4. Wählhebel, Schalter für Wählhebel in P gesperrt, Mechatronik für Doppelkupplungsgetriebe	1278
5. Wählhebel, Mechatronik für Doppelkupplungsgetriebe, Magnet für Wählhebelsperre, Wählhebel-Positionsanzeige	1279
6. Wählhebel, Temperaturgeber im Steuergerät, Mechatronik für Doppelkupplungsgetriebe	1280
7. Mechatronik für Doppelkupplungsgetriebe	1281
8. Diagnose-Interface für Datenbus, Schalttafeleinsatz	1282
106 - Doppelkupplungsgetriebe 0GC , (0J)	1283-1290
1. Doppelkupplungsgetriebe 0GC , (0J)	1283
2. Mechatronik für Doppelkupplungsgetriebe, Sicherungshalter A, Sicherungshalter B, Sicherungshalter C	1284
3. Geber für Getriebeeingangsdrehzahl, Hydraulikdruckgeber für Getriebe, Mechatronik für Doppelkupplungsgetriebe, Zusatzhydraulikpumpe 1 für Getriebeöl
1285
4. Wählhebel, Schalter für Wählhebel in P gesperrt, Mechatronik für Doppelkupplungsgetriebe	1286
5. Wählhebel, Mechatronik für Doppelkupplungsgetriebe, Magnet für Wählhebelsperre, Wählhebel-Positionsanzeige	1287
6. Wählhebel, Temperaturgeber im Steuergerät, Mechatronik für Doppelkupplungsgetriebe	1288
7. Mechatronik für Doppelkupplungsgetriebe	1289
8. Diagnose-Interface für Datenbus, Schalttafeleinsatz	1290
107 - Sicherheitsgurtwarnsystem , (3NZ),(3NU),(LOL)	1291-1295
1. Sicherheitsgurtwarnsystem , (3NZ),(3NU),(LOL)	1291
2. Gurtschalter Fahrerseite, Steuergerät für Airbag, Sicherungshalter C	1292
3. Gurtschalter Beifahrerseite, Sitzbelegungssensor Beifahrerseite, Steuergerät für Airbag	1293
4. Gurtschloss hinten, Gurtschalter rechts, Gurtschalter links, 2. Sitzreihe, Steuergerät für Airbag	1294
5. Steuergerät für Airbag, Diagnose-Interface für Datenbus, Schalttafeleinsatz, Anschluss für Diagnose	1295
108 - Sicherheitsgurtwarnsystem , (3NZ),(3NU),(LOR)	1296-1300
1. Sicherheitsgurtwarnsystem , (3NZ),(3NU),(LOR)	1296
2. Gurtschalter Fahrerseite, Steuergerät für Airbag, Sicherungshalter C	1297
3. Gurtschalter Beifahrerseite, Sitzbelegungssensor Beifahrerseite, Steuergerät für Airbag	1298
4. Gurtschloss hinten, Gurtschalter rechts, Gurtschalter links, 2. Sitzreihe, Steuergerät für Airbag	1299
5. Steuergerät für Airbag, Diagnose-Interface für Datenbus, Schalttafeleinsatz, Anschluss für Diagnose	1300
109 - Sicherheitsgurtwarnsystem , (3KP),(LOL)	1301-1305
1. Sicherheitsgurtwarnsystem , (3KP),(LOL)	1301
2. Gurtschalter Fahrerseite, Steuergerät für Airbag, Sicherungshalter C	1302
3. Gurtschalter Beifahrerseite, Sitzbelegungssensor Beifahrerseite, Steuergerät für Airbag	1303
4. Gurtschalter Mitte links, 2. Sitzreihe, Gurtschalter Mitte rechts, 2. Sitzreihe, Gurtschalter rechts, 2. Sitzreihe, Gurtschalter links, 2. Sitzreihe, Steuergerät für Airbag
1304
5. Steuergerät für Airbag, Diagnose-Interface für Datenbus, Schalttafeleinsatz, Anschluss für	1305
